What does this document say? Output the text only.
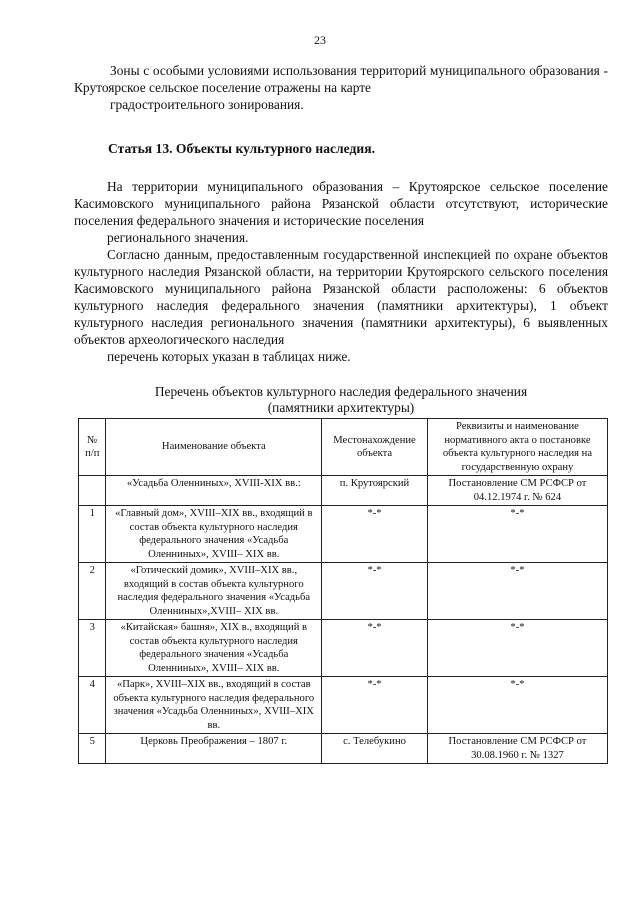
23

Зоны с особыми условиями использования территорий муниципального образования - Крутоярское сельское поселение отражены на карте
градостроительного зонирования.

Статья 13. Объекты культурного наследия.

На территории муниципального образования – Крутоярское сельское поселение Касимовского муниципального района Рязанской области отсутствуют, исторические поселения федерального значения и исторические поселения
регионального значения.

Согласно данным, предоставленным государственной инспекцией по охране объектов культурного наследия Рязанской области, на территории Крутоярского сельского поселения Касимовского муниципального района Рязанской области расположены: 6 объектов культурного наследия федерального значения (памятники архитектуры), 1 объект культурного наследия регионального значения (памятники архитектуры), 6 выявленных объектов археологического наследия
перечень которых указан в таблицах ниже.

Перечень объектов культурного наследия федерального значения
(памятники архитектуры)
№ п/п	Наименование объекта	Местонахождение объекта	Реквизиты и наименование нормативного акта о постановке объекта культурного наследия на государственную охрану
	«Усадьба Оленниных», XVIII-XIX вв.:	п. Крутоярский	Постановление СМ РСФСР от 04.12.1974 г. № 624
1	«Главный дом», XVIII–XIX вв., входящий в состав объекта культурного наследия федерального значения «Усадьба Оленниных», XVIII– XIX вв.	*-*	*-*
2	«Готический домик», XVIII–XIX вв., входящий в состав объекта культурного наследия федерального значения «Усадьба Оленниных»,XVIII– XIX вв.	*-*	*-*
3	«Китайская» башня», XIX в., входящий в состав объекта культурного наследия федерального значения «Усадьба Оленниных», XVIII– XIX вв.	*-*	*-*
4	«Парк», XVIII–XIX вв., входящий в состав объекта культурного наследия федерального значения «Усадьба Оленниных», XVIII–XIX вв.	*-*	*-*
5	Церковь Преображения – 1807 г.	с. Телебукино	Постановление СМ РСФСР от 30.08.1960 г. № 1327
